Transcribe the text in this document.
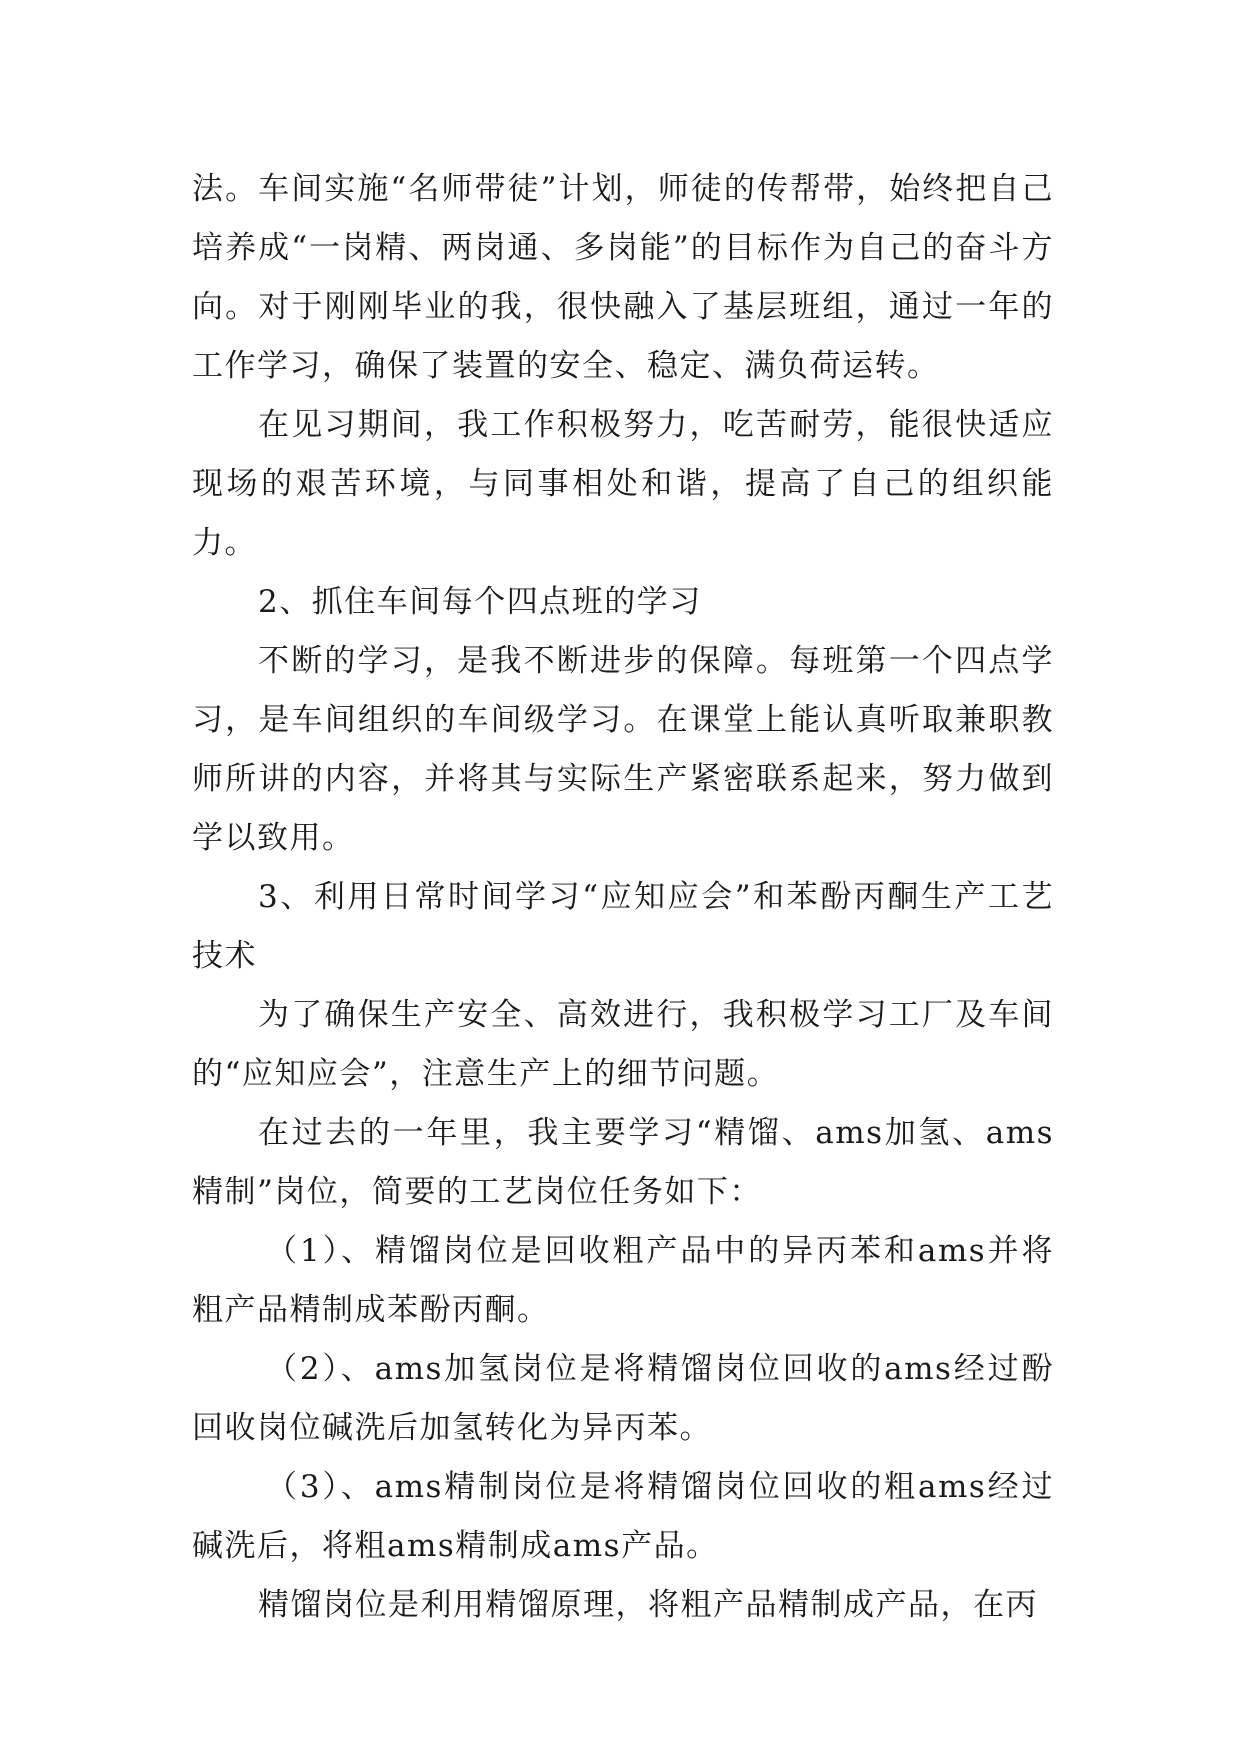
法。车间实施“名师带徒”计划，师徒的传帮带，始终把自己培养成“一岗精、两岗通、多岗能”的目标作为自己的奋斗方向。对于刚刚毕业的我，很快融入了基层班组，通过一年的工作学习，确保了装置的安全、稳定、满负荷运转。

在见习期间，我工作积极努力，吃苦耐劳，能很快适应现场的艰苦环境，与同事相处和谐，提高了自己的组织能力。

2、抓住车间每个四点班的学习

不断的学习，是我不断进步的保障。每班第一个四点学习，是车间组织的车间级学习。在课堂上能认真听取兼职教师所讲的内容，并将其与实际生产紧密联系起来，努力做到学以致用。

3、利用日常时间学习“应知应会”和苯酚丙酮生产工艺技术

为了确保生产安全、高效进行，我积极学习工厂及车间的“应知应会”，注意生产上的细节问题。

在过去的一年里，我主要学习“精馏、ams加氢、ams精制”岗位，简要的工艺岗位任务如下：

（1）、精馏岗位是回收粗产品中的异丙苯和ams并将粗产品精制成苯酚丙酮。

（2）、ams加氢岗位是将精馏岗位回收的ams经过酚回收岗位碱洗后加氢转化为异丙苯。

（3）、ams精制岗位是将精馏岗位回收的粗ams经过碱洗后，将粗ams精制成ams产品。

精馏岗位是利用精馏原理，将粗产品精制成产品，在丙
